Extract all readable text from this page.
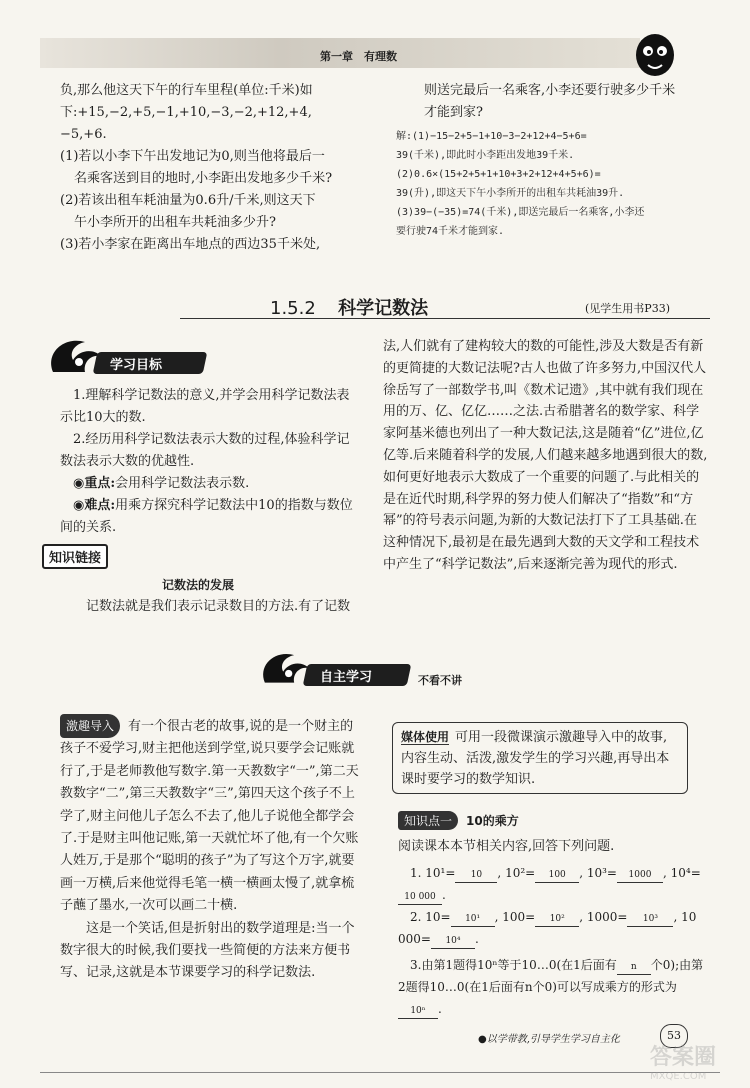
第一章　有理数

负,那么他这天下午的行车里程(单位:千米)如

下:+15,−2,+5,−1,+10,−3,−2,+12,+4,

−5,+6.

(1)若以小李下午出发地记为0,则当他将最后一

名乘客送到目的地时,小李距出发地多少千米?

(2)若该出租车耗油量为0.6升/千米,则这天下

午小李所开的出租车共耗油多少升?

(3)若小李家在距离出车地点的西边35千米处,

则送完最后一名乘客,小李还要行驶多少千米

才能到家?

解:(1)−15−2+5−1+10−3−2+12+4−5+6=

39(千米),即此时小李距出发地39千米.

(2)0.6×(15+2+5+1+10+3+2+12+4+5+6)=

39(升),即这天下午小李所开的出租车共耗油39升.

(3)39−(−35)=74(千米),即送完最后一名乘客,小李还

要行驶74千米才能到家.

1.5.2 科学记数法	(见学生用书P33)
学习目标

1.理解科学记数法的意义,并学会用科学记数法表示比10大的数.

2.经历用科学记数法表示大数的过程,体验科学记数法表示大数的优越性.

◉重点:会用科学记数法表示数.

◉难点:用乘方探究科学记数法中10的指数与数位间的关系.

知识链接
记数法的发展

记数法就是我们表示记录数目的方法.有了记数

法,人们就有了建构较大的数的可能性,涉及大数是否有新的更简捷的大数记法呢?古人也做了许多努力,中国汉代人徐岳写了一部数学书,叫《数术记遗》,其中就有我们现在用的万、亿、亿亿……之法.古希腊著名的数学家、科学家阿基米德也列出了一种大数记法,这是随着“亿”进位,亿亿等.后来随着科学的发展,人们越来越多地遇到很大的数,如何更好地表示大数成了一个重要的问题了.与此相关的是在近代时期,科学界的努力使人们解决了“指数”和“方幂”的符号表示问题,为新的大数记法打下了工具基础.在这种情况下,最初是在最先遇到大数的天文学和工程技术中产生了“科学记数法”,后来逐渐完善为现代的形式.

自主学习	不看不讲

激趣导入 有一个很古老的故事,说的是一个财主的孩子不爱学习,财主把他送到学堂,说只要学会记账就行了,于是老师教他写数字.第一天教数字“一”,第二天教数字“二”,第三天教数字“三”,第四天这个孩子不上学了,财主问他儿子怎么不去了,他儿子说他全都学会了.于是财主叫他记账,第一天就忙坏了他,有一个欠账人姓万,于是那个“聪明的孩子”为了写这个万字,就要画一万横,后来他觉得毛笔一横一横画太慢了,就拿梳子蘸了墨水,一次可以画二十横.

这是一个笑话,但是折射出的数学道理是:当一个数字很大的时候,我们要找一些简便的方法来方便书写、记录,这就是本节课要学习的科学记数法.

媒体使用 可用一段微课演示激趣导入中的故事,内容生动、活泼,激发学生的学习兴趣,再导出本课时要学习的数学知识.

知识点一 10的乘方

阅读课本本节相关内容,回答下列问题.

1. 10¹= 10 , 10²= 100 , 10³= 1000 , 10⁴=10 000 .
2. 10= 10¹ , 100= 10² , 1000= 10³ , 10 000= 10⁴ .
3.由第1题得10ⁿ等于10…0(在1后面有 n 个0);由第2题得10…0(在1后面有n个0)可以写成乘方的形式为10ⁿ .
●以学带教,引导学生学习自主化	53
答案圈
MXQE.COM
